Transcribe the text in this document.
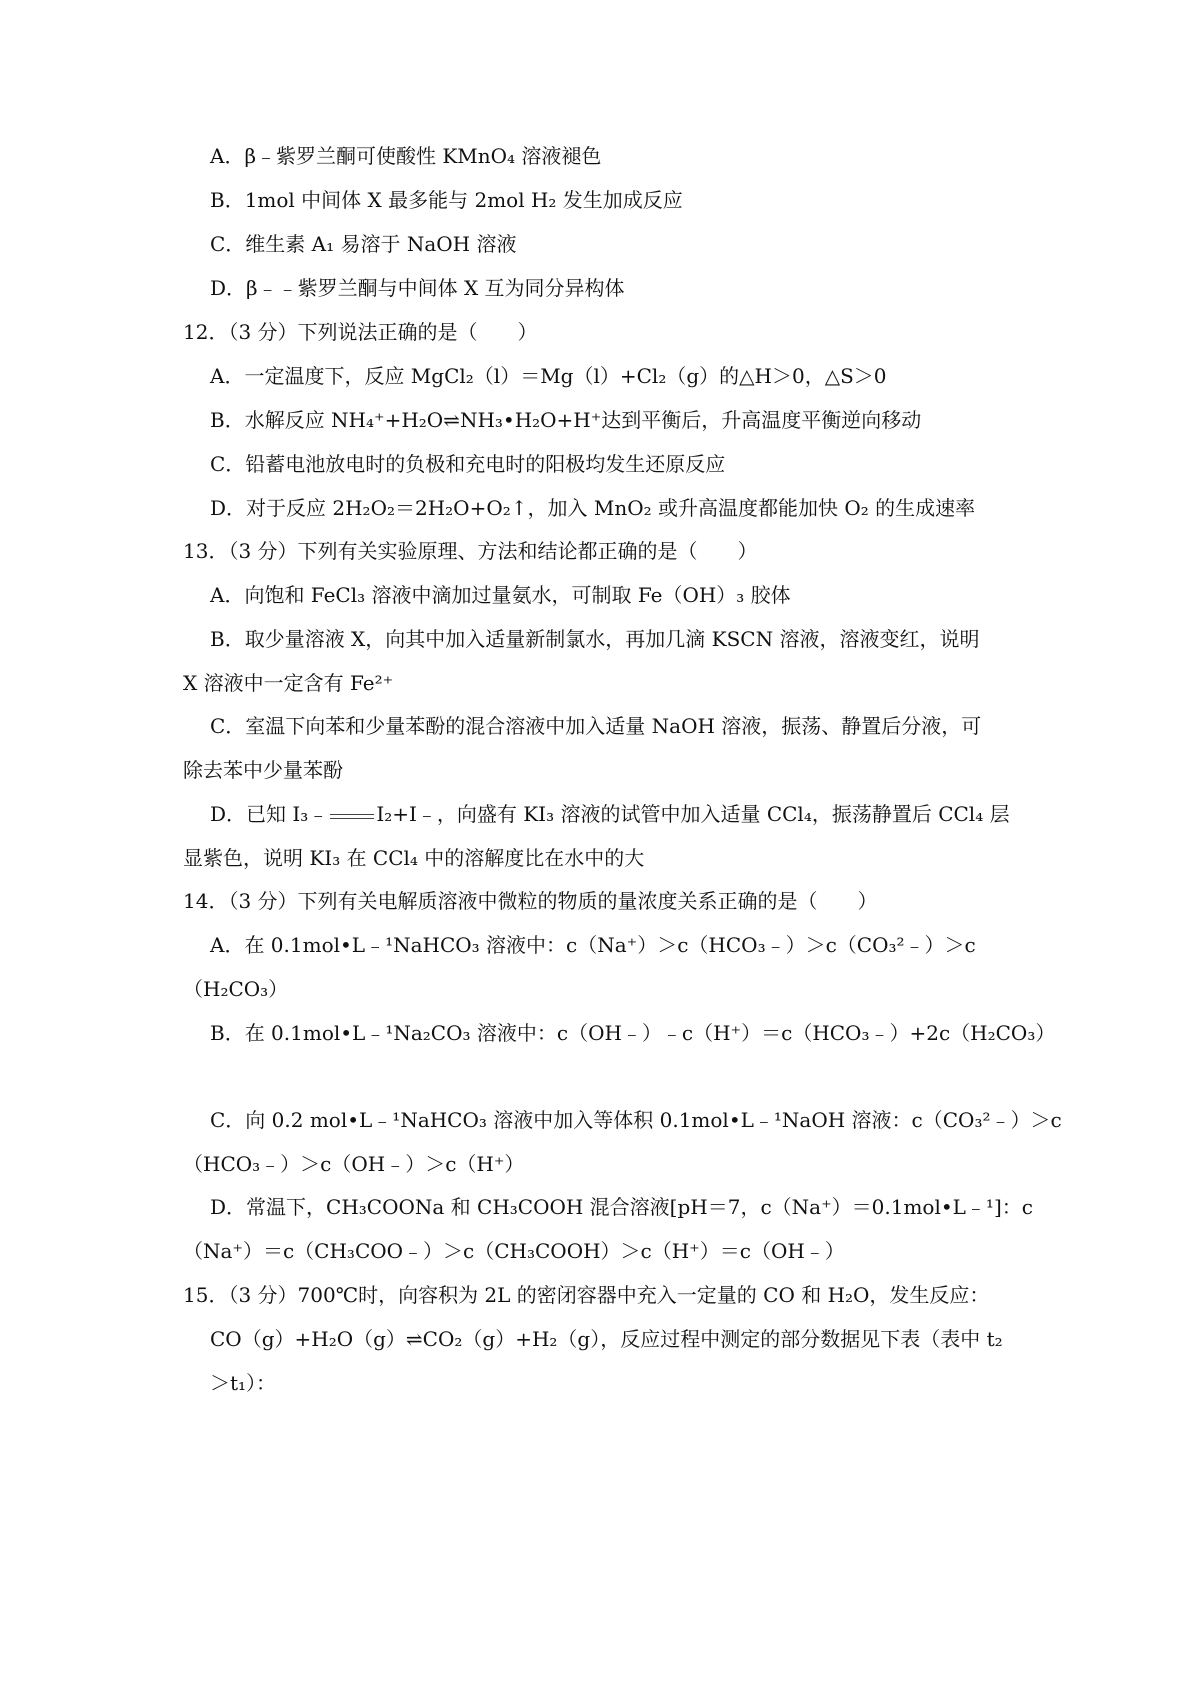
A．β﹣紫罗兰酮可使酸性 KMnO₄ 溶液褪色
B．1mol 中间体 X 最多能与 2mol H₂ 发生加成反应
C．维生素 A₁ 易溶于 NaOH 溶液
D．β﹣﹣紫罗兰酮与中间体 X 互为同分异构体
12．（3 分）下列说法正确的是（　　）
A．一定温度下，反应 MgCl₂（l）＝Mg（l）+Cl₂（g）的△H＞0，△S＞0
B．水解反应 NH₄⁺+H₂O⇌NH₃•H₂O+H⁺达到平衡后，升高温度平衡逆向移动
C．铅蓄电池放电时的负极和充电时的阳极均发生还原反应
D．对于反应 2H₂O₂＝2H₂O+O₂↑，加入 MnO₂ 或升高温度都能加快 O₂ 的生成速率
13．（3 分）下列有关实验原理、方法和结论都正确的是（　　）
A．向饱和 FeCl₃ 溶液中滴加过量氨水，可制取 Fe（OH）₃ 胶体
B．取少量溶液 X，向其中加入适量新制氯水，再加几滴 KSCN 溶液，溶液变红，说明
X 溶液中一定含有 Fe²⁺
C．室温下向苯和少量苯酚的混合溶液中加入适量 NaOH 溶液，振荡、静置后分液，可
除去苯中少量苯酚
D．已知 I₃﹣ I₂+I﹣，向盛有 KI₃ 溶液的试管中加入适量 CCl₄，振荡静置后 CCl₄ 层
显紫色，说明 KI₃ 在 CCl₄ 中的溶解度比在水中的大
14．（3 分）下列有关电解质溶液中微粒的物质的量浓度关系正确的是（　　）
A．在 0.1mol•L﹣¹NaHCO₃ 溶液中：c（Na⁺）＞c（HCO₃﹣）＞c（CO₃²﹣）＞c
（H₂CO₃）
B．在 0.1mol•L﹣¹Na₂CO₃ 溶液中：c（OH﹣）﹣c（H⁺）＝c（HCO₃﹣）+2c（H₂CO₃）
C．向 0.2 mol•L﹣¹NaHCO₃ 溶液中加入等体积 0.1mol•L﹣¹NaOH 溶液：c（CO₃²﹣）＞c
（HCO₃﹣）＞c（OH﹣）＞c（H⁺）
D．常温下，CH₃COONa 和 CH₃COOH 混合溶液[pH＝7，c（Na⁺）＝0.1mol•L﹣¹]：c
（Na⁺）＝c（CH₃COO﹣）＞c（CH₃COOH）＞c（H⁺）＝c（OH﹣）
15．（3 分）700℃时，向容积为 2L 的密闭容器中充入一定量的 CO 和 H₂O，发生反应：
CO（g）+H₂O（g）⇌CO₂（g）+H₂（g），反应过程中测定的部分数据见下表（表中 t₂
＞t₁）：
